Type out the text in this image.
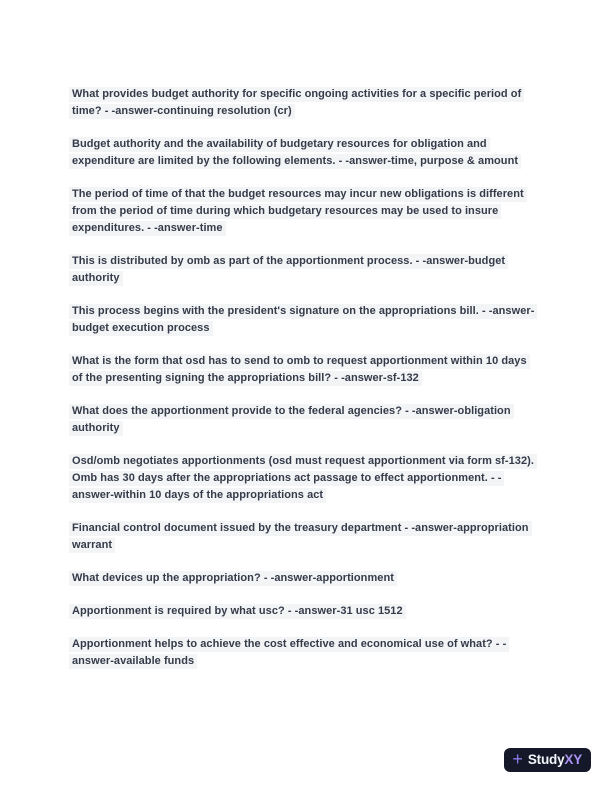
What provides budget authority for specific ongoing activities for a specific period of time? - -answer-continuing resolution (cr)

Budget authority and the availability of budgetary resources for obligation and expenditure are limited by the following elements. - -answer-time, purpose & amount

The period of time of that the budget resources may incur new obligations is different from the period of time during which budgetary resources may be used to insure expenditures. - -answer-time

This is distributed by omb as part of the apportionment process. - -answer-budget authority

This process begins with the president's signature on the appropriations bill. - -answer-budget execution process

What is the form that osd has to send to omb to request apportionment within 10 days of the presenting signing the appropriations bill? - -answer-sf-132

What does the apportionment provide to the federal agencies? - -answer-obligation authority

Osd/omb negotiates apportionments (osd must request apportionment via form sf-132). Omb has 30 days after the appropriations act passage to effect apportionment. - -answer-within 10 days of the appropriations act

Financial control document issued by the treasury department - -answer-appropriation warrant

What devices up the appropriation? - -answer-apportionment

Apportionment is required by what usc? - -answer-31 usc 1512

Apportionment helps to achieve the cost effective and economical use of what? - -answer-available funds

+ StudyXY
